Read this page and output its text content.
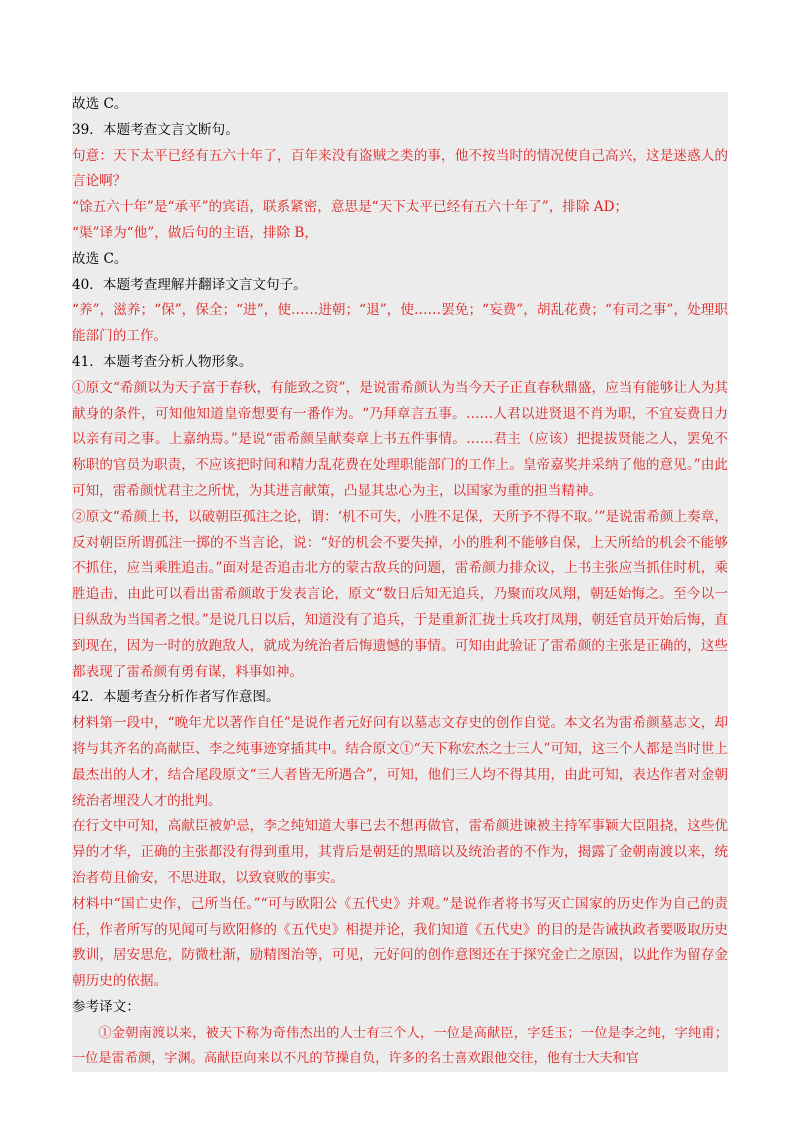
故选 C。

39．本题考查文言文断句。

句意：天下太平已经有五六十年了，百年来没有盗贼之类的事，他不按当时的情况使自己高兴，这是迷惑人的言论啊？

“馀五六十年”是“承平”的宾语，联系紧密，意思是“天下太平已经有五六十年了”，排除 AD；

“渠”译为“他”，做后句的主语，排除 B，

故选 C。

40．本题考查理解并翻译文言文句子。

“养”，滋养；“保”，保全；“进”，使……进朝；“退”，使……罢免；“妄费”，胡乱花费；“有司之事”，处理职能部门的工作。

41．本题考查分析人物形象。

①原文“希颜以为天子富于春秋，有能致之资”，是说雷希颜认为当今天子正直春秋鼎盛，应当有能够让人为其献身的条件，可知他知道皇帝想要有一番作为。“乃拜章言五事。……人君以进贤退不肖为职，不宜妄费日力以亲有司之事。上嘉纳焉。”是说“雷希颜呈献奏章上书五件事情。……君主（应该）把提拔贤能之人，罢免不称职的官员为职责，不应该把时间和精力乱花费在处理职能部门的工作上。皇帝嘉奖并采纳了他的意见。”由此可知，雷希颜忧君主之所忧，为其进言献策，凸显其忠心为主，以国家为重的担当精神。

②原文“希颜上书，以破朝臣孤注之论，谓：‘机不可失，小胜不足保，天所予不得不取。’”是说雷希颜上奏章，反对朝臣所谓孤注一掷的不当言论，说：“好的机会不要失掉，小的胜利不能够自保，上天所给的机会不能够不抓住，应当乘胜追击。”面对是否追击北方的蒙古敌兵的问题，雷希颜力排众议，上书主张应当抓住时机，乘胜追击，由此可以看出雷希颜敢于发表言论，原文“数日后知无追兵，乃聚而攻凤翔，朝廷始悔之。至今以一日纵敌为当国者之恨。”是说几日以后，知道没有了追兵，于是重新汇拢士兵攻打凤翔，朝廷官员开始后悔，直到现在，因为一时的放跑敌人，就成为统治者后悔遗憾的事情。可知由此验证了雷希颜的主张是正确的，这些都表现了雷希颜有勇有谋，料事如神。

42．本题考查分析作者写作意图。

材料第一段中，“晚年尤以著作自任”是说作者元好问有以墓志文存史的创作自觉。本文名为雷希颜墓志文，却将与其齐名的高献臣、李之纯事迹穿插其中。结合原文①“天下称宏杰之士三人”可知，这三个人都是当时世上最杰出的人才，结合尾段原文“三人者皆无所遇合”，可知，他们三人均不得其用，由此可知，表达作者对金朝统治者埋没人才的批判。

在行文中可知，高献臣被妒忌，李之纯知道大事已去不想再做官，雷希颜进谏被主持军事颖大臣阻挠，这些优异的才华，正确的主张都没有得到重用，其背后是朝廷的黑暗以及统治者的不作为，揭露了金朝南渡以来，统治者苟且偷安，不思进取，以致衰败的事实。

材料中“国亡史作，己所当任。”“可与欧阳公《五代史》并观。”是说作者将书写灭亡国家的历史作为自己的责任，作者所写的见闻可与欧阳修的《五代史》相提并论，我们知道《五代史》的目的是告诫执政者要吸取历史教训，居安思危，防微杜渐，励精图治等，可见，元好问的创作意图还在于探究金亡之原因，以此作为留存金朝历史的依据。

参考译文：

①金朝南渡以来，被天下称为奇伟杰出的人士有三个人，一位是高献臣，字廷玉；一位是李之纯，字纯甫；一位是雷希颜，字渊。高献臣向来以不凡的节操自负，许多的名士喜欢跟他交往，他有士大夫和官
